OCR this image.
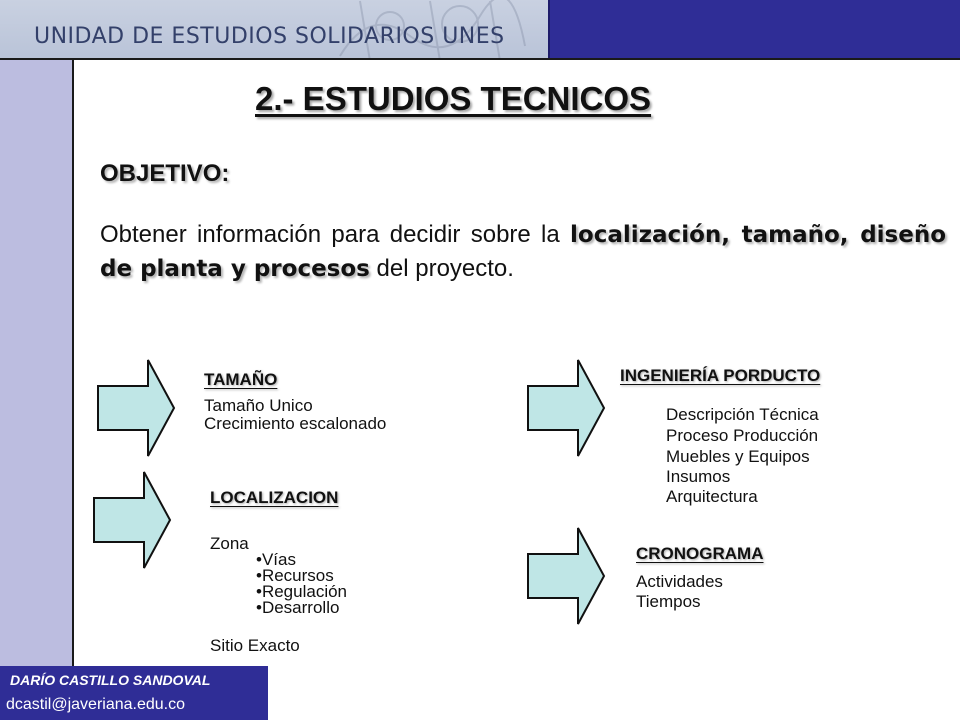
UNIDAD DE ESTUDIOS SOLIDARIOS UNES
2.- ESTUDIOS TECNICOS
OBJETIVO:
Obtener información para decidir sobre la localización, tamaño, diseño de planta y procesos del proyecto.
TAMAÑO
Tamaño Unico
Crecimiento escalonado
INGENIERÍA PORDUCTO
Descripción Técnica
Proceso Producción
Muebles y Equipos
Insumos
Arquitectura
LOCALIZACION
Zona
• Vías
• Recursos
• Regulación
• Desarrollo
Sitio Exacto
CRONOGRAMA
Actividades
Tiempos
DARÍO CASTILLO SANDOVAL
dcastil@javeriana.edu.co
